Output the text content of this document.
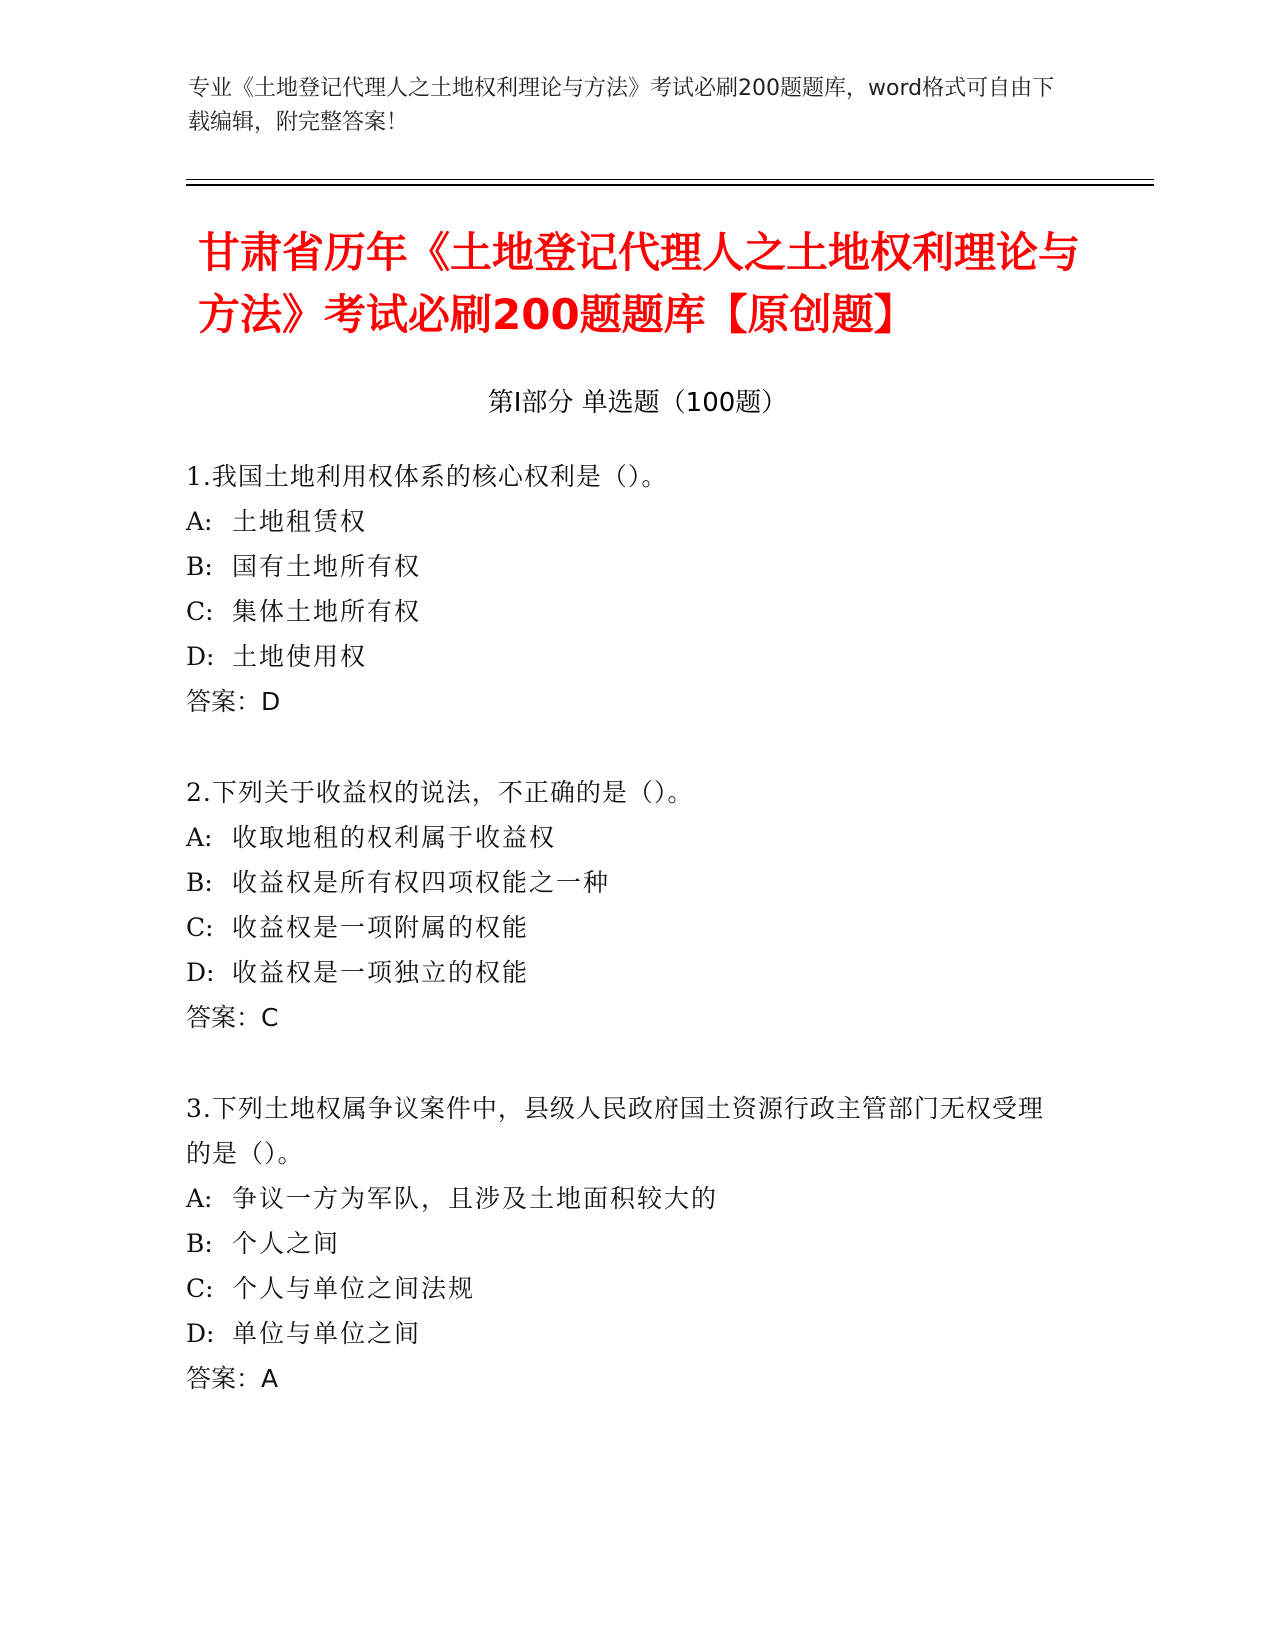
专业《土地登记代理人之土地权利理论与方法》考试必刷200题题库，word格式可自由下载编辑，附完整答案！
甘肃省历年《土地登记代理人之土地权利理论与方法》考试必刷200题题库【原创题】
第Ⅰ部分 单选题（100题）
1.我国土地利用权体系的核心权利是（）。
A: 土地租赁权
B: 国有土地所有权
C: 集体土地所有权
D: 土地使用权
答案：D
2.下列关于收益权的说法，不正确的是（）。
A: 收取地租的权利属于收益权
B: 收益权是所有权四项权能之一种
C: 收益权是一项附属的权能
D: 收益权是一项独立的权能
答案：C
3.下列土地权属争议案件中，县级人民政府国土资源行政主管部门无权受理的是（）。
A: 争议一方为军队，且涉及土地面积较大的
B: 个人之间
C: 个人与单位之间法规
D: 单位与单位之间
答案：A
